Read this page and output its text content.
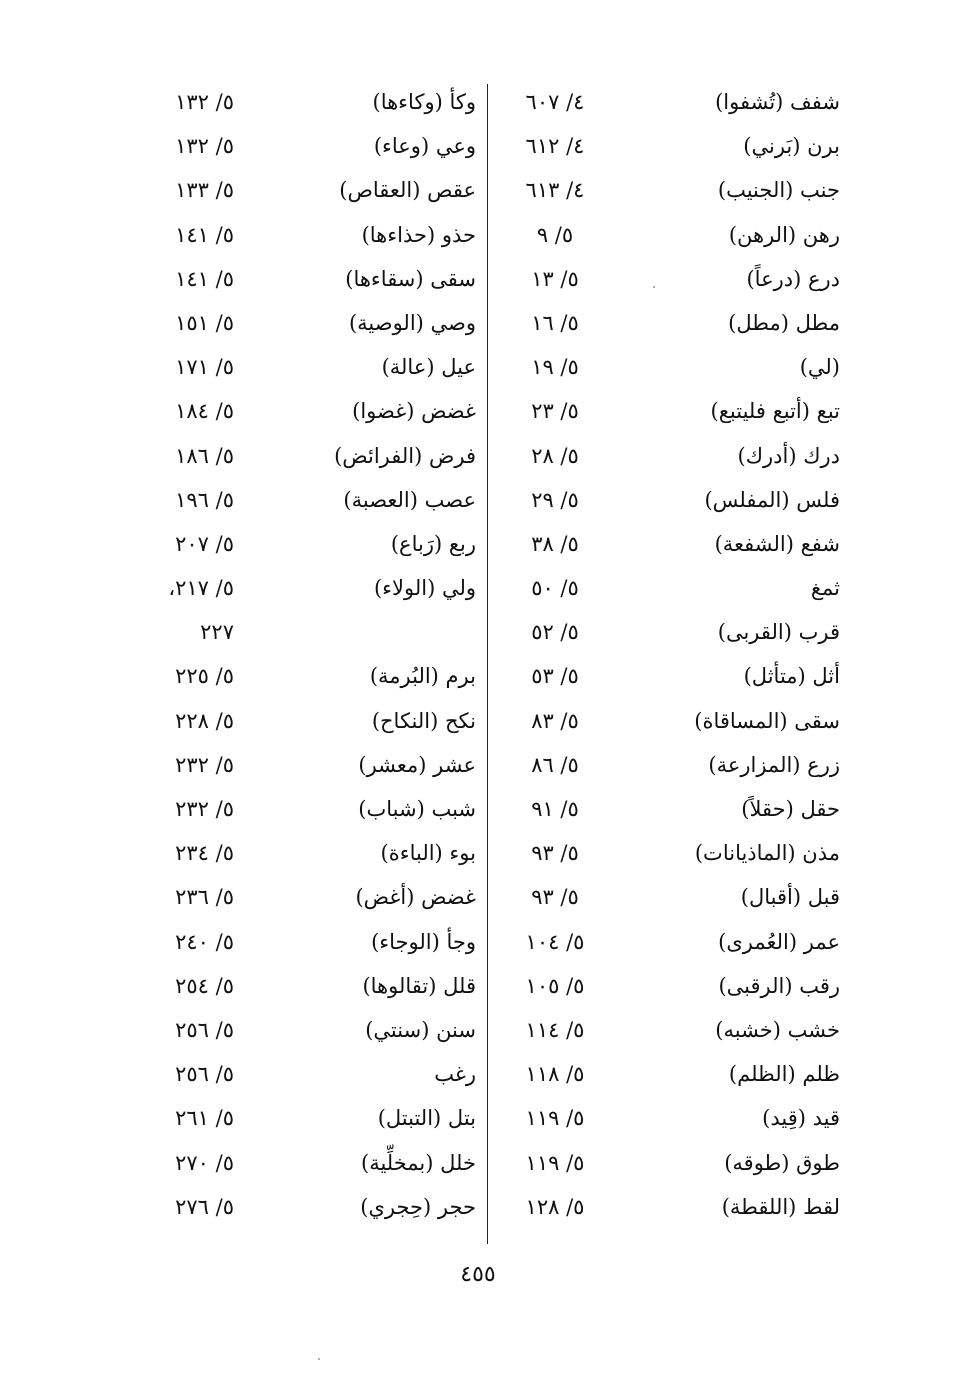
شفف (تُشفوا)
٤/ ٦٠٧
وكأ (وكاءها)
٥/ ١٣٢
برن (بَرني)
٤/ ٦١٢
وعي (وعاء)
٥/ ١٣٢
جنب (الجنيب)
٤/ ٦١٣
عقص (العقاص)
٥/ ١٣٣
رهن (الرهن)
٥/ ٩
حذو (حذاءها)
٥/ ١٤١
درع (درعاً)
٥/ ١٣
سقى (سقاءها)
٥/ ١٤١
مطل (مطل)
٥/ ١٦
وصي (الوصية)
٥/ ١٥١
(لي)
٥/ ١٩
عيل (عالة)
٥/ ١٧١
تبع (أتبع فليتبع)
٥/ ٢٣
غضض (غضوا)
٥/ ١٨٤
درك (أدرك)
٥/ ٢٨
فرض (الفرائض)
٥/ ١٨٦
فلس (المفلس)
٥/ ٢٩
عصب (العصبة)
٥/ ١٩٦
شفع (الشفعة)
٥/ ٣٨
ربع (رَباع)
٥/ ٢٠٧
ثمغ
٥/ ٥٠
ولي (الولاء)
٥/ ٢١٧،
قرب (القربى)
٥/ ٥٢
٢٢٧
أثل (متأثل)
٥/ ٥٣
برم (البُرمة)
٥/ ٢٢٥
سقى (المساقاة)
٥/ ٨٣
نكح (النكاح)
٥/ ٢٢٨
زرع (المزارعة)
٥/ ٨٦
عشر (معشر)
٥/ ٢٣٢
حقل (حقلاً)
٥/ ٩١
شبب (شباب)
٥/ ٢٣٢
مذن (الماذيانات)
٥/ ٩٣
بوء (الباءة)
٥/ ٢٣٤
قبل (أقبال)
٥/ ٩٣
غضض (أغض)
٥/ ٢٣٦
عمر (العُمرى)
٥/ ١٠٤
وجأ (الوجاء)
٥/ ٢٤٠
رقب (الرقبى)
٥/ ١٠٥
قلل (تقالوها)
٥/ ٢٥٤
خشب (خشبه)
٥/ ١١٤
سنن (سنتي)
٥/ ٢٥٦
ظلم (الظلم)
٥/ ١١٨
رغب
٥/ ٢٥٦
قيد (قِيد)
٥/ ١١٩
بتل (التبتل)
٥/ ٢٦١
طوق (طوقه)
٥/ ١١٩
خلل (بمخلِّية)
٥/ ٢٧٠
لقط (اللقطة)
٥/ ١٢٨
حجر (حِجري)
٥/ ٢٧٦
٤٥٥
